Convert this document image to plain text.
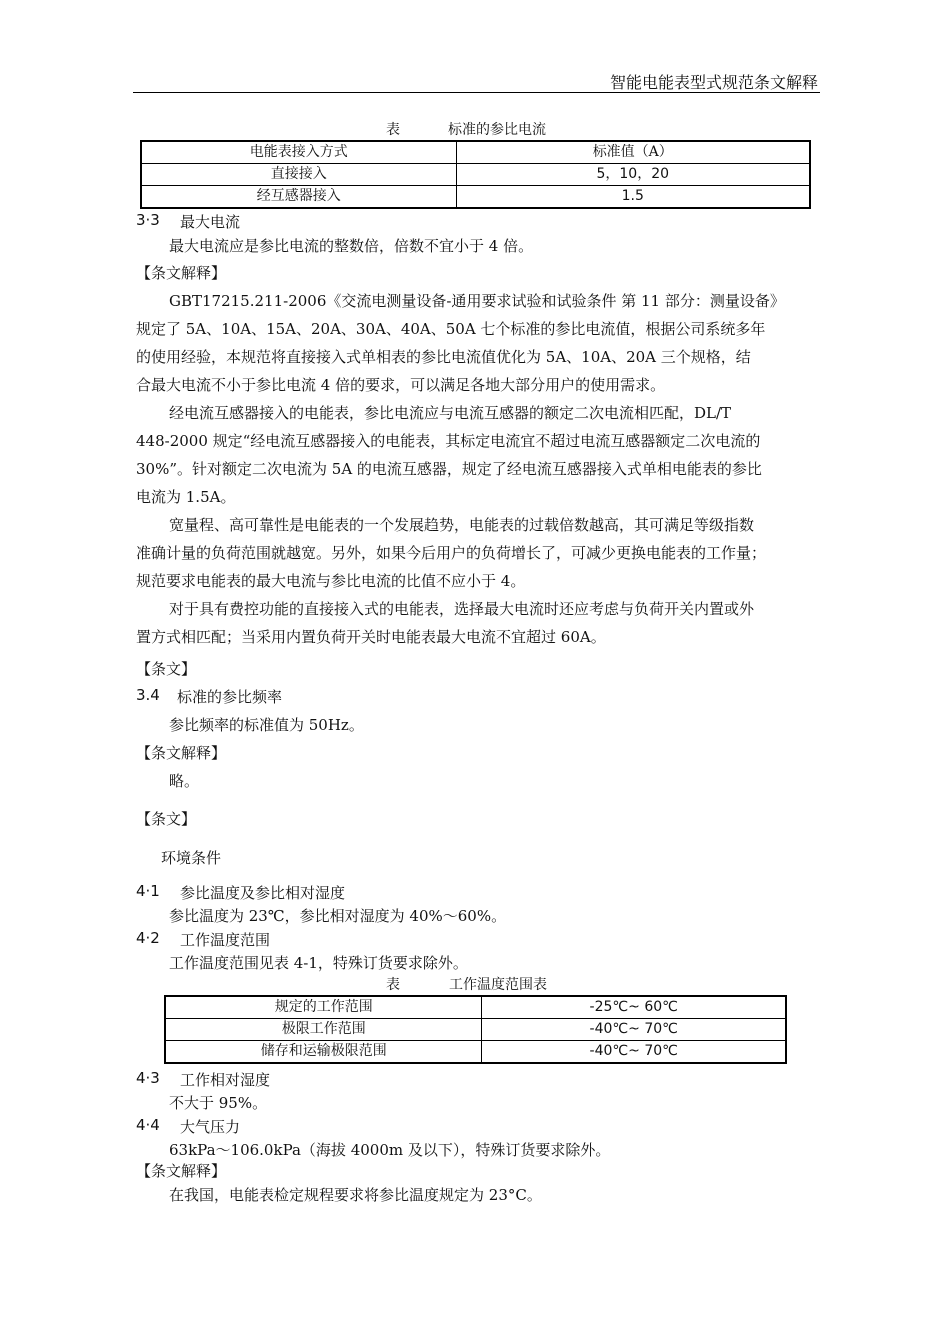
智能电能表型式规范条文解释
表	标准的参比电流
电能表接入方式	标准值（A）
直接接入	5，10，20
经互感器接入	1.5
3·3 最大电流
最大电流应是参比电流的整数倍，倍数不宜小于 4 倍。
【条文解释】
GBT17215.211-2006《交流电测量设备-通用要求试验和试验条件 第 11 部分：测量设备》
规定了 5A、10A、15A、20A、30A、40A、50A 七个标准的参比电流值，根据公司系统多年
的使用经验，本规范将直接接入式单相表的参比电流值优化为 5A、10A、20A 三个规格，结
合最大电流不小于参比电流 4 倍的要求，可以满足各地大部分用户的使用需求。
经电流互感器接入的电能表，参比电流应与电流互感器的额定二次电流相匹配，DL/T
448-2000 规定“经电流互感器接入的电能表，其标定电流宜不超过电流互感器额定二次电流的
30%”。针对额定二次电流为 5A 的电流互感器，规定了经电流互感器接入式单相电能表的参比
电流为 1.5A。
宽量程、高可靠性是电能表的一个发展趋势，电能表的过载倍数越高，其可满足等级指数
准确计量的负荷范围就越宽。另外，如果今后用户的负荷增长了，可减少更换电能表的工作量；
规范要求电能表的最大电流与参比电流的比值不应小于 4。
对于具有费控功能的直接接入式的电能表，选择最大电流时还应考虑与负荷开关内置或外
置方式相匹配；当采用内置负荷开关时电能表最大电流不宜超过 60A。
【条文】
3.4 标准的参比频率
参比频率的标准值为 50Hz。
【条文解释】
略。
【条文】
环境条件
4·1 参比温度及参比相对湿度
参比温度为 23℃，参比相对湿度为 40%～60%。
4·2 工作温度范围
工作温度范围见表 4-1，特殊订货要求除外。
表	工作温度范围表
规定的工作范围	-25℃~ 60℃
极限工作范围	-40℃~ 70℃
储存和运输极限范围	-40℃~ 70℃
4·3 工作相对湿度
不大于 95%。
4·4 大气压力
63kPa～106.0kPa（海拔 4000m 及以下），特殊订货要求除外。
【条文解释】
在我国，电能表检定规程要求将参比温度规定为 23°C。
